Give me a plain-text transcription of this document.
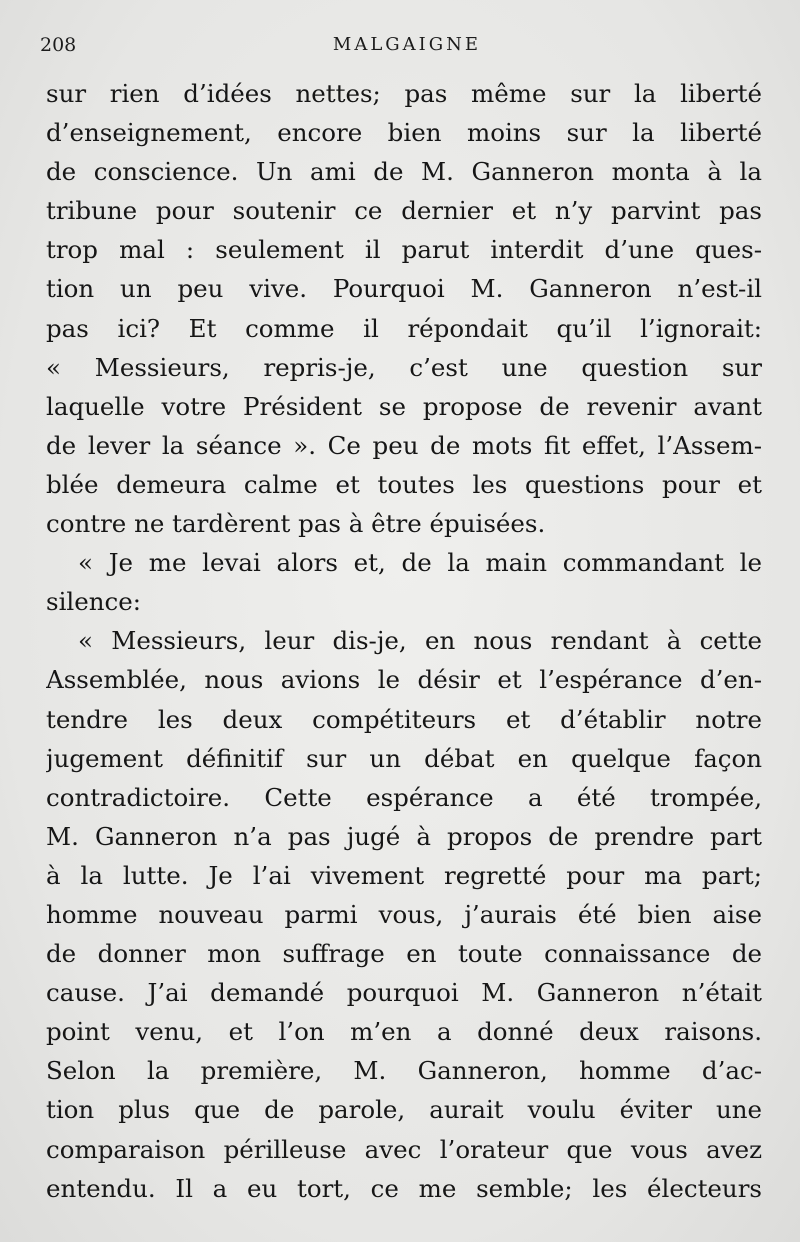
208	MALGAIGNE
sur rien d’idées nettes; pas même sur la liberté
d’enseignement, encore bien moins sur la liberté
de conscience. Un ami de M. Ganneron monta à la
tribune pour soutenir ce dernier et n’y parvint pas
trop mal : seulement il parut interdit d’une ques-
tion un peu vive. Pourquoi M. Ganneron n’est-il
pas ici? Et comme il répondait qu’il l’ignorait:
« Messieurs, repris-je, c’est une question sur
laquelle votre Président se propose de revenir avant
de lever la séance ». Ce peu de mots fit effet, l’Assem-
blée demeura calme et toutes les questions pour et
contre ne tardèrent pas à être épuisées.
« Je me levai alors et, de la main commandant le
silence:
« Messieurs, leur dis-je, en nous rendant à cette
Assemblée, nous avions le désir et l’espérance d’en-
tendre les deux compétiteurs et d’établir notre
jugement définitif sur un débat en quelque façon
contradictoire. Cette espérance a été trompée,
M. Ganneron n’a pas jugé à propos de prendre part
à la lutte. Je l’ai vivement regretté pour ma part;
homme nouveau parmi vous, j’aurais été bien aise
de donner mon suffrage en toute connaissance de
cause. J’ai demandé pourquoi M. Ganneron n’était
point venu, et l’on m’en a donné deux raisons.
Selon la première, M. Ganneron, homme d’ac-
tion plus que de parole, aurait voulu éviter une
comparaison périlleuse avec l’orateur que vous avez
entendu. Il a eu tort, ce me semble; les électeurs
